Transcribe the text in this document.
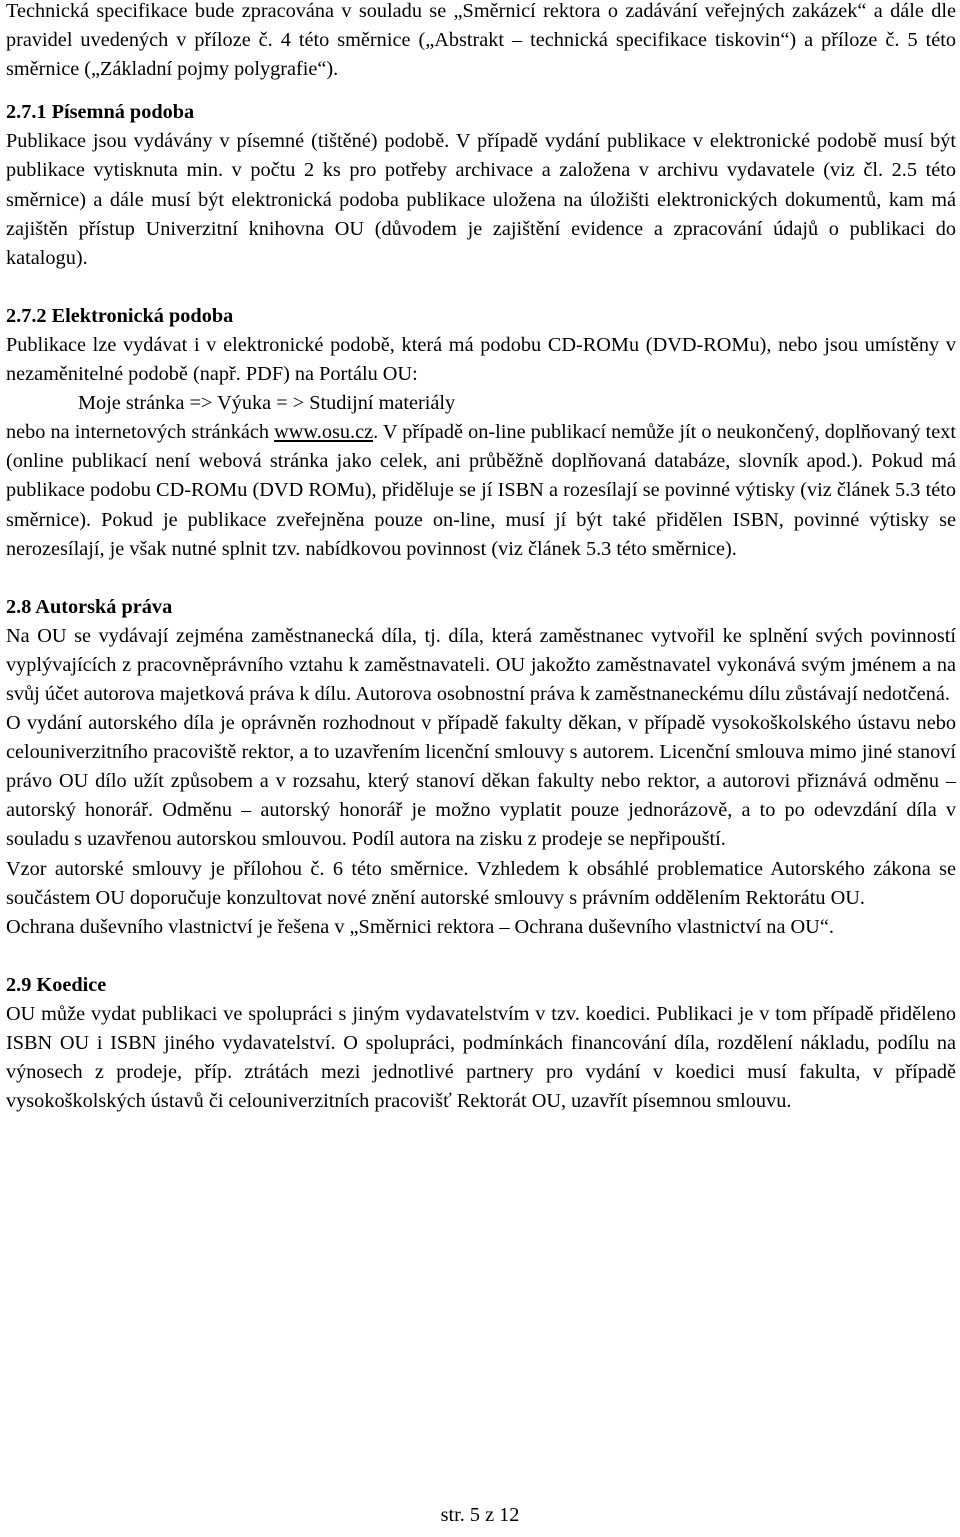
Technická specifikace bude zpracována v souladu se „Směrnicí rektora o zadávání veřejných zakázek“ a dále dle pravidel uvedených v příloze č. 4 této směrnice („Abstrakt – technická specifikace tiskovin“) a příloze č. 5 této směrnice („Základní pojmy polygrafie“).

2.7.1 Písemná podoba

Publikace jsou vydávány v písemné (tištěné) podobě. V případě vydání publikace v elektronické podobě musí být publikace vytisknuta min. v počtu 2 ks pro potřeby archivace a založena v archivu vydavatele (viz čl. 2.5 této směrnice) a dále musí být elektronická podoba publikace uložena na úložišti elektronických dokumentů, kam má zajištěn přístup Univerzitní knihovna OU (důvodem je zajištění evidence a zpracování údajů o publikaci do katalogu).

2.7.2 Elektronická podoba

Publikace lze vydávat i v elektronické podobě, která má podobu CD-ROMu (DVD-ROMu), nebo jsou umístěny v nezaměnitelné podobě (např. PDF) na Portálu OU:

Moje stránka => Výuka = > Studijní materiály

nebo na internetových stránkách www.osu.cz. V případě on-line publikací nemůže jít o neukončený, doplňovaný text (online publikací není webová stránka jako celek, ani průběžně doplňovaná databáze, slovník apod.). Pokud má publikace podobu CD-ROMu (DVD ROMu), přiděluje se jí ISBN a rozesílají se povinné výtisky (viz článek 5.3 této směrnice). Pokud je publikace zveřejněna pouze on-line, musí jí být také přidělen ISBN, povinné výtisky se nerozesílají, je však nutné splnit tzv. nabídkovou povinnost (viz článek 5.3 této směrnice).

2.8 Autorská práva

Na OU se vydávají zejména zaměstnanecká díla, tj. díla, která zaměstnanec vytvořil ke splnění svých povinností vyplývajících z pracovněprávního vztahu k zaměstnavateli. OU jakožto zaměstnavatel vykonává svým jménem a na svůj účet autorova majetková práva k dílu. Autorova osobnostní práva k zaměstnaneckému dílu zůstávají nedotčená.

O vydání autorského díla je oprávněn rozhodnout v případě fakulty děkan, v případě vysokoškolského ústavu nebo celouniverzitního pracoviště rektor, a to uzavřením licenční smlouvy s autorem. Licenční smlouva mimo jiné stanoví právo OU dílo užít způsobem a v rozsahu, který stanoví děkan fakulty nebo rektor, a autorovi přiznává odměnu – autorský honorář. Odměnu – autorský honorář je možno vyplatit pouze jednorázově, a to po odevzdání díla v souladu s uzavřenou autorskou smlouvou. Podíl autora na zisku z prodeje se nepřipouští.

Vzor autorské smlouvy je přílohou č. 6 této směrnice. Vzhledem k obsáhlé problematice Autorského zákona se součástem OU doporučuje konzultovat nové znění autorské smlouvy s právním oddělením Rektorátu OU.

Ochrana duševního vlastnictví je řešena v „Směrnici rektora – Ochrana duševního vlastnictví na OU“.

2.9 Koedice

OU může vydat publikaci ve spolupráci s jiným vydavatelstvím v tzv. koedici. Publikaci je v tom případě přiděleno ISBN OU i ISBN jiného vydavatelství. O spolupráci, podmínkách financování díla, rozdělení nákladu, podílu na výnosech z prodeje, příp. ztrátách mezi jednotlivé partnery pro vydání v koedici musí fakulta, v případě vysokoškolských ústavů či celouniverzitních pracovišť Rektorát OU, uzavřít písemnou smlouvu.

str. 5 z 12
